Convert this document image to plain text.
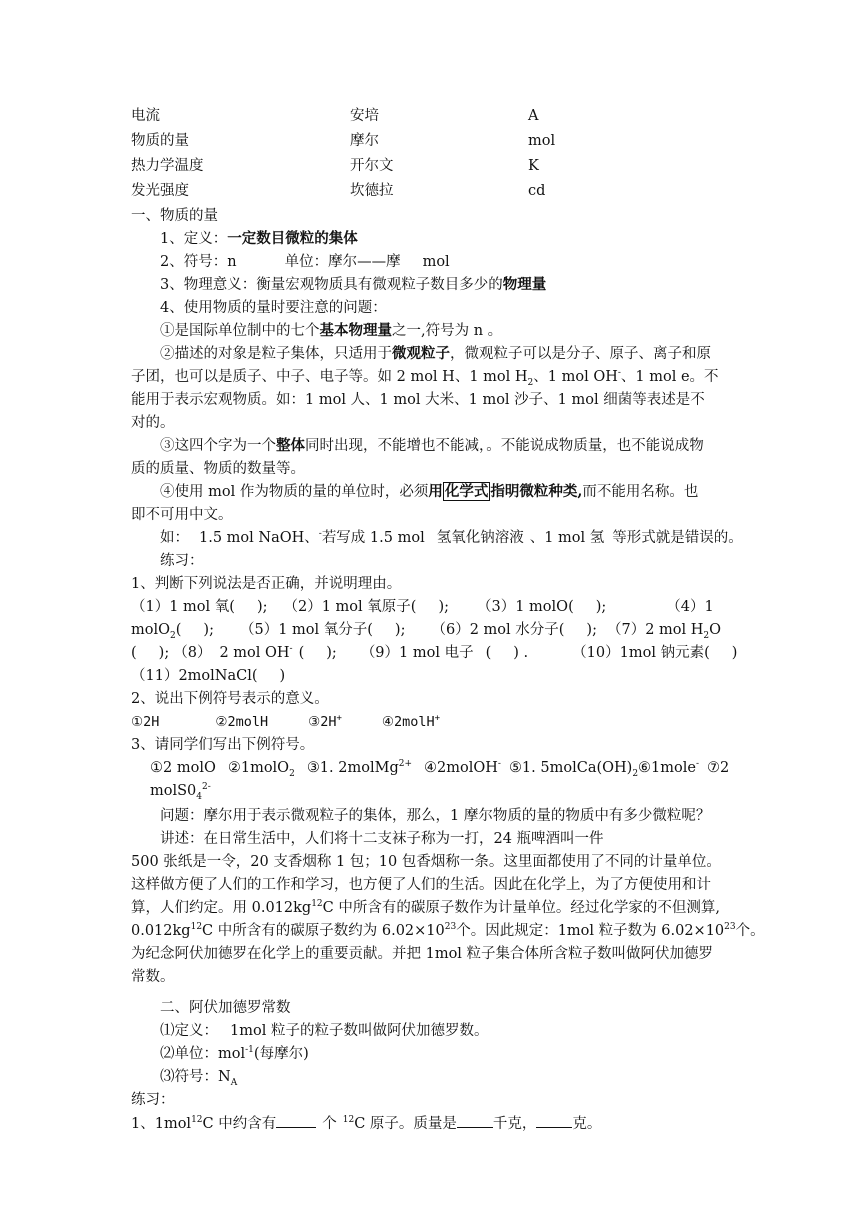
电流	安培	A
物质的量	摩尔	mol
热力学温度	开尔文	K
发光强度	坎德拉	cd
一、物质的量
1、定义：一定数目微粒的集体
2、符号：n	单位：摩尔——摩 mol
3、物理意义：衡量宏观物质具有微观粒子数目多少的物理量
4、使用物质的量时要注意的问题：
①是国际单位制中的七个基本物理量之一,符号为 n 。
②描述的对象是粒子集体，只适用于微观粒子，微观粒子可以是分子、原子、离子和原
子团，也可以是质子、中子、电子等。如 2 mol H、1 mol $H_2$、1 mol OH-、1 mol e。不
能用于表示宏观物质。如：1 mol 人、1 mol 大米、1 mol 沙子、1 mol 细菌等表述是不
对的。
③这四个字为一个整体同时出现，不能增也不能减，。不能说成物质量，也不能说成物
质的质量、物质的数量等。
④使用 mol 作为物质的量的单位时，必须用 化学式 指明微粒种类,而不能用名称。也
即不可用中文。
如： 1.5 mol NaOH、-若写成 1.5 mol 氢氧化钠溶液 、1 mol 氢 等形式就是错误的。
练习：
1、判断下列说法是否正确，并说明理由。
（1）1 mol 氧( ); （2）1 mol 氧原子( ); （3）1 molO( );	（4）1
molO$_2$( ); （5）1 mol 氧分子( ); （6）2 mol 水分子( ); （7）2 mol $H_2O$
( ); （8） 2 mol OH- ( ); （9）1 mol 电子 ( ) .	（10）1mol 钠元素( )
（11）2molNaCl( )
2、说出下例符号表示的意义。
①2H	②2molH	③2H+	④2molH+
3、请同学们写出下例符号。
①2 molO ②1molO$_2$ ③1. 2molMg$^{2+}$ ④2molOH- ⑤1. $5molCa(OH)_2⑥1mole^-$ ⑦2
$molS0_4^{2-}$
问题：摩尔用于表示微观粒子的集体，那么，1 摩尔物质的量的物质中有多少微粒呢？
讲述：在日常生活中，人们将十二支袜子称为一打，24 瓶啤酒叫一件
500 张纸是一令，20 支香烟称 1 包；10 包香烟称一条。这里面都使用了不同的计量单位。
这样做方便了人们的工作和学习，也方便了人们的生活。因此在化学上，为了方便使用和计
算，人们约定。用 $0.012kg^{12}C$ 中所含有的碳原子数作为计量单位。经过化学家的不但测算,
$0.012kg^{12}C$ 中所含有的碳原子数约为 $6.02\times 10^{23}$个。因此规定：1mol 粒子数为 $6.02\times 10^{23}$个。
为纪念阿伏加德罗在化学上的重要贡献。并把 1mol 粒子集合体所含粒子数叫做阿伏加德罗
常数。
二、阿伏加德罗常数
⑴定义： 1mol 粒子的粒子数叫做阿伏加德罗数。
⑵单位：mol$^{-1}$(每摩尔)
⑶符号：$N_A$
练习：
1、1mol$^{12}$C 中约含有	个 $^{12}$C 原子。质量是 千克， 克。
